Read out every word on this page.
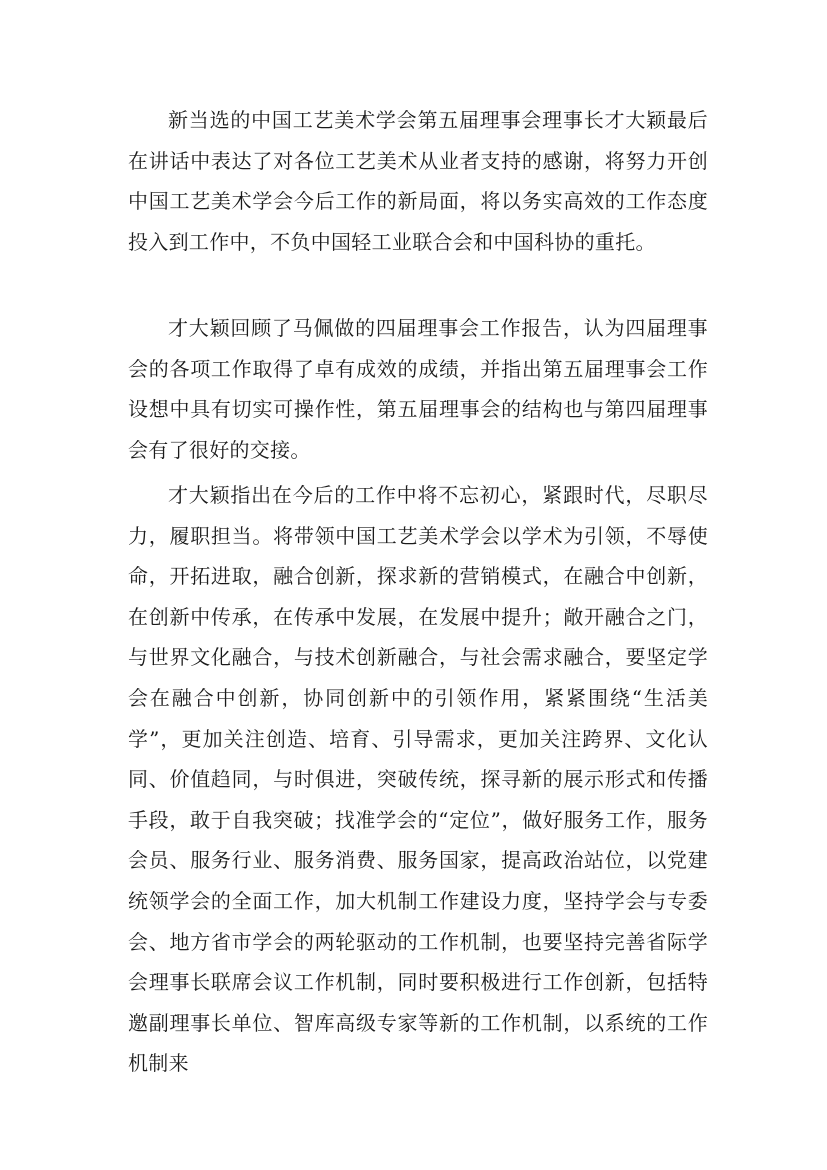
新当选的中国工艺美术学会第五届理事会理事长才大颖最后在讲话中表达了对各位工艺美术从业者支持的感谢，将努力开创中国工艺美术学会今后工作的新局面，将以务实高效的工作态度投入到工作中，不负中国轻工业联合会和中国科协的重托。

才大颖回顾了马佩做的四届理事会工作报告，认为四届理事会的各项工作取得了卓有成效的成绩，并指出第五届理事会工作设想中具有切实可操作性，第五届理事会的结构也与第四届理事会有了很好的交接。

才大颖指出在今后的工作中将不忘初心，紧跟时代，尽职尽力，履职担当。将带领中国工艺美术学会以学术为引领，不辱使命，开拓进取，融合创新，探求新的营销模式，在融合中创新，在创新中传承，在传承中发展，在发展中提升；敞开融合之门，与世界文化融合，与技术创新融合，与社会需求融合，要坚定学会在融合中创新，协同创新中的引领作用，紧紧围绕“生活美学”，更加关注创造、培育、引导需求，更加关注跨界、文化认同、价值趋同，与时俱进，突破传统，探寻新的展示形式和传播手段，敢于自我突破；找准学会的“定位”，做好服务工作，服务会员、服务行业、服务消费、服务国家，提高政治站位，以党建统领学会的全面工作，加大机制工作建设力度，坚持学会与专委会、地方省市学会的两轮驱动的工作机制，也要坚持完善省际学会理事长联席会议工作机制，同时要积极进行工作创新，包括特邀副理事长单位、智库高级专家等新的工作机制，以系统的工作机制来
